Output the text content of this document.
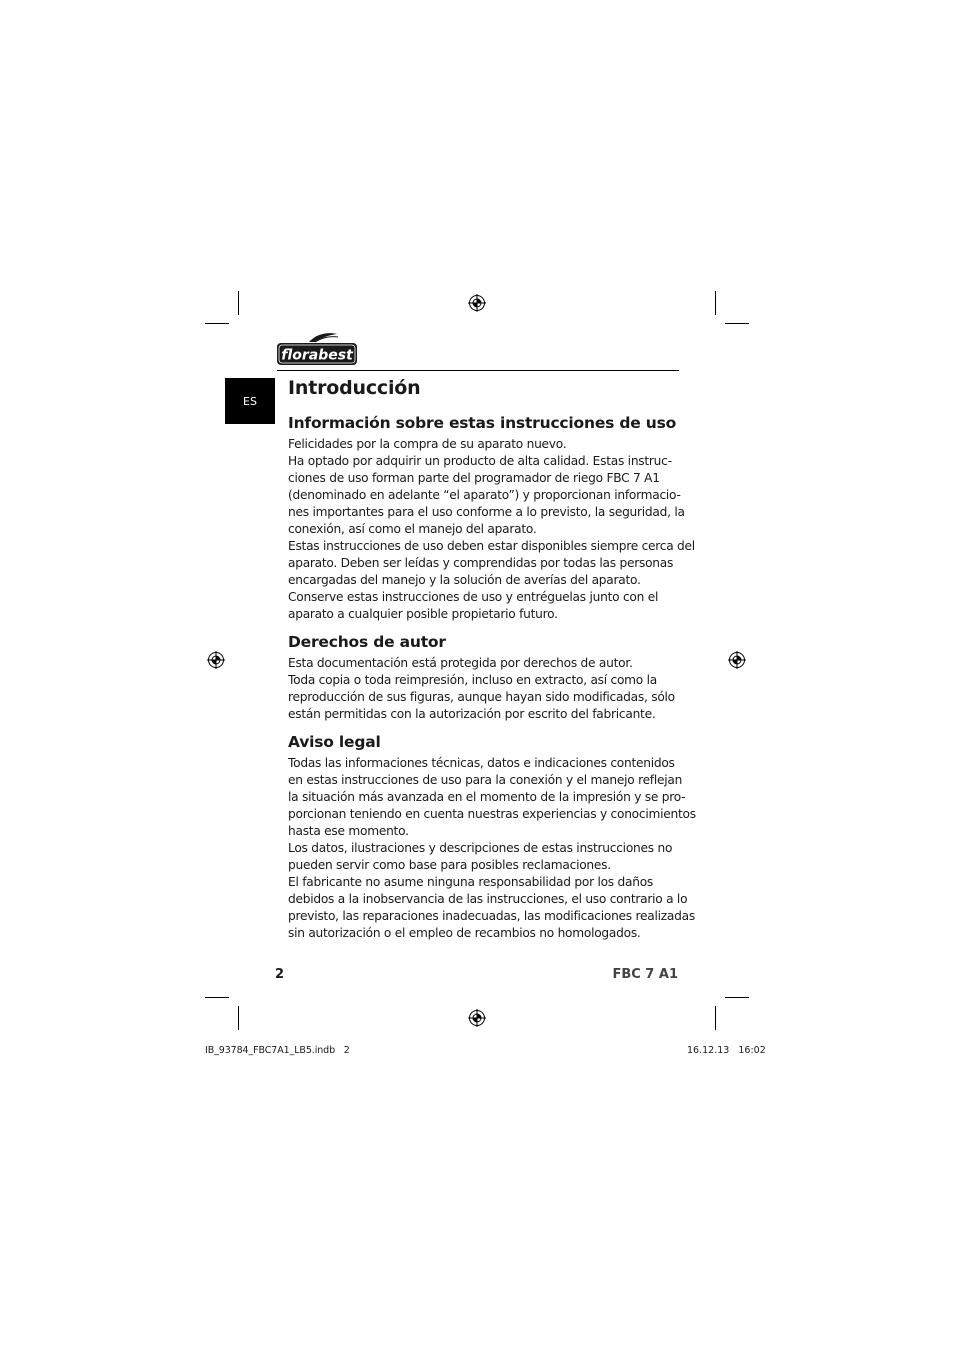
florabest
ES
Introducción
Información sobre estas instrucciones de uso

Felicidades por la compra de su aparato nuevo.
Ha optado por adquirir un producto de alta calidad. Estas instruc-
ciones de uso forman parte del programador de riego FBC 7 A1
(denominado en adelante “el aparato”) y proporcionan informacio-
nes importantes para el uso conforme a lo previsto, la seguridad, la
conexión, así como el manejo del aparato.
Estas instrucciones de uso deben estar disponibles siempre cerca del
aparato. Deben ser leídas y comprendidas por todas las personas
encargadas del manejo y la solución de averías del aparato.
Conserve estas instrucciones de uso y entréguelas junto con el
aparato a cualquier posible propietario futuro.

Derechos de autor

Esta documentación está protegida por derechos de autor.
Toda copia o toda reimpresión, incluso en extracto, así como la
reproducción de sus figuras, aunque hayan sido modificadas, sólo
están permitidas con la autorización por escrito del fabricante.

Aviso legal

Todas las informaciones técnicas, datos e indicaciones contenidos
en estas instrucciones de uso para la conexión y el manejo reflejan
la situación más avanzada en el momento de la impresión y se pro-
porcionan teniendo en cuenta nuestras experiencias y conocimientos
hasta ese momento.
Los datos, ilustraciones y descripciones de estas instrucciones no
pueden servir como base para posibles reclamaciones.
El fabricante no asume ninguna responsabilidad por los daños
debidos a la inobservancia de las instrucciones, el uso contrario a lo
previsto, las reparaciones inadecuadas, las modificaciones realizadas
sin autorización o el empleo de recambios no homologados.

2	FBC 7 A1
IB_93784_FBC7A1_LB5.indb   2	16.12.13   16:02
